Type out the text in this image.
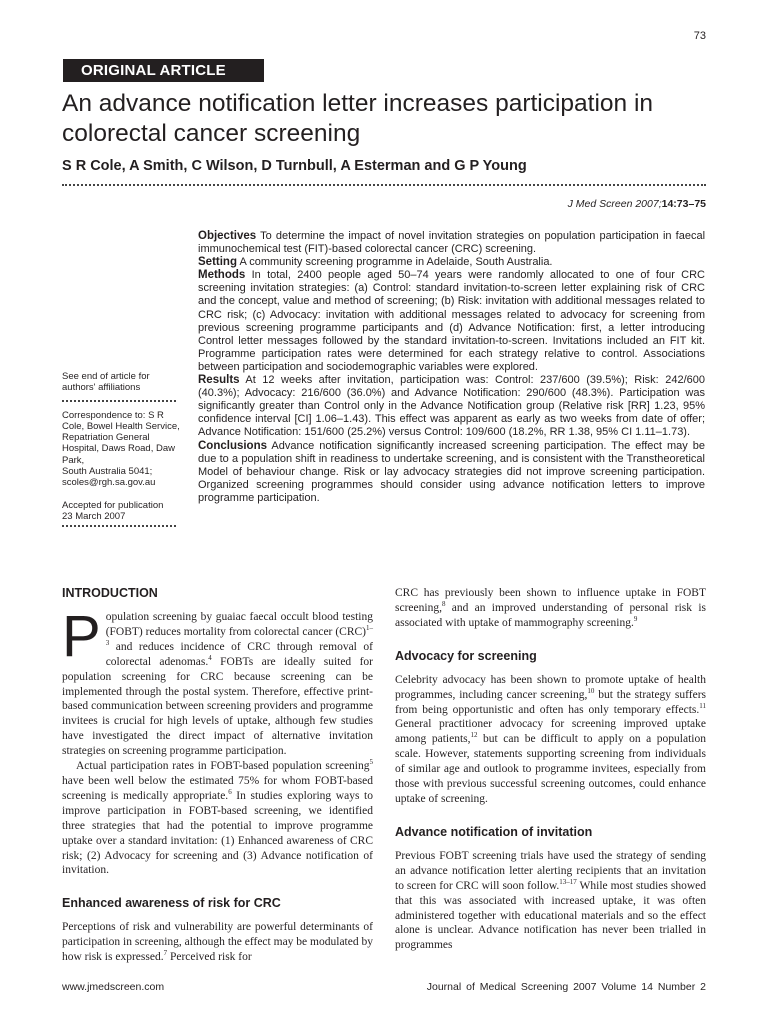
73
ORIGINAL ARTICLE
An advance notification letter increases participation in colorectal cancer screening
S R Cole, A Smith, C Wilson, D Turnbull, A Esterman and G P Young
J Med Screen 2007;14:73–75

See end of article for authors' affiliations

Correspondence to: S R Cole, Bowel Health Service, Repatriation General Hospital, Daws Road, Daw Park,

South Australia 5041;

scoles@rgh.sa.gov.au

Accepted for publication

23 March 2007

Objectives To determine the impact of novel invitation strategies on population participation in faecal immunochemical test (FIT)-based colorectal cancer (CRC) screening.

Setting A community screening programme in Adelaide, South Australia.

Methods In total, 2400 people aged 50–74 years were randomly allocated to one of four CRC screening invitation strategies: (a) Control: standard invitation-to-screen letter explaining risk of CRC and the concept, value and method of screening; (b) Risk: invitation with additional messages related to CRC risk; (c) Advocacy: invitation with additional messages related to advocacy for screening from previous screening programme participants and (d) Advance Notification: first, a letter introducing Control letter messages followed by the standard invitation-to-screen. Invitations included an FIT kit. Programme participation rates were determined for each strategy relative to control. Associations between participation and sociodemographic variables were explored.

Results At 12 weeks after invitation, participation was: Control: 237/600 (39.5%); Risk: 242/600 (40.3%); Advocacy: 216/600 (36.0%) and Advance Notification: 290/600 (48.3%). Participation was significantly greater than Control only in the Advance Notification group (Relative risk [RR] 1.23, 95% confidence interval [CI] 1.06–1.43). This effect was apparent as early as two weeks from date of offer; Advance Notification: 151/600 (25.2%) versus Control: 109/600 (18.2%, RR 1.38, 95% CI 1.11–1.73).

Conclusions Advance notification significantly increased screening participation. The effect may be due to a population shift in readiness to undertake screening, and is consistent with the Transtheoretical Model of behaviour change. Risk or lay advocacy strategies did not improve screening participation. Organized screening programmes should consider using advance notification letters to improve programme participation.

INTRODUCTION

Population screening by guaiac faecal occult blood testing (FOBT) reduces mortality from colorectal cancer (CRC)$^{1-3}$ and reduces incidence of CRC through removal of colorectal adenomas.$^4$ FOBTs are ideally suited for population screening for CRC because screening can be implemented through the postal system. Therefore, effective print-based communication between screening providers and programme invitees is crucial for high levels of uptake, although few studies have investigated the direct impact of alternative invitation strategies on screening programme participation.

Actual participation rates in FOBT-based population screening$^5$ have been well below the estimated 75% for whom FOBT-based screening is medically appropriate.$^6$ In studies exploring ways to improve participation in FOBT-based screening, we identified three strategies that had the potential to improve programme uptake over a standard invitation: (1) Enhanced awareness of CRC risk; (2) Advocacy for screening and (3) Advance notification of invitation.

Enhanced awareness of risk for CRC

Perceptions of risk and vulnerability are powerful determinants of participation in screening, although the effect may be modulated by how risk is expressed.$^7$ Perceived risk for

CRC has previously been shown to influence uptake in FOBT screening,$^8$ and an improved understanding of personal risk is associated with uptake of mammography screening.$^9$

Advocacy for screening

Celebrity advocacy has been shown to promote uptake of health programmes, including cancer screening,$^{10}$ but the strategy suffers from being opportunistic and often has only temporary effects.$^{11}$ General practitioner advocacy for screening improved uptake among patients,$^{12}$ but can be difficult to apply on a population scale. However, statements supporting screening from individuals of similar age and outlook to programme invitees, especially from those with previous successful screening outcomes, could enhance uptake of screening.

Advance notification of invitation

Previous FOBT screening trials have used the strategy of sending an advance notification letter alerting recipients that an invitation to screen for CRC will soon follow.$^{13-17}$ While most studies showed that this was associated with increased uptake, it was often administered together with educational materials and so the effect alone is unclear. Advance notification has never been trialled in programmes

www.jmedscreen.com	Journal of Medical Screening 2007 Volume 14 Number 2
